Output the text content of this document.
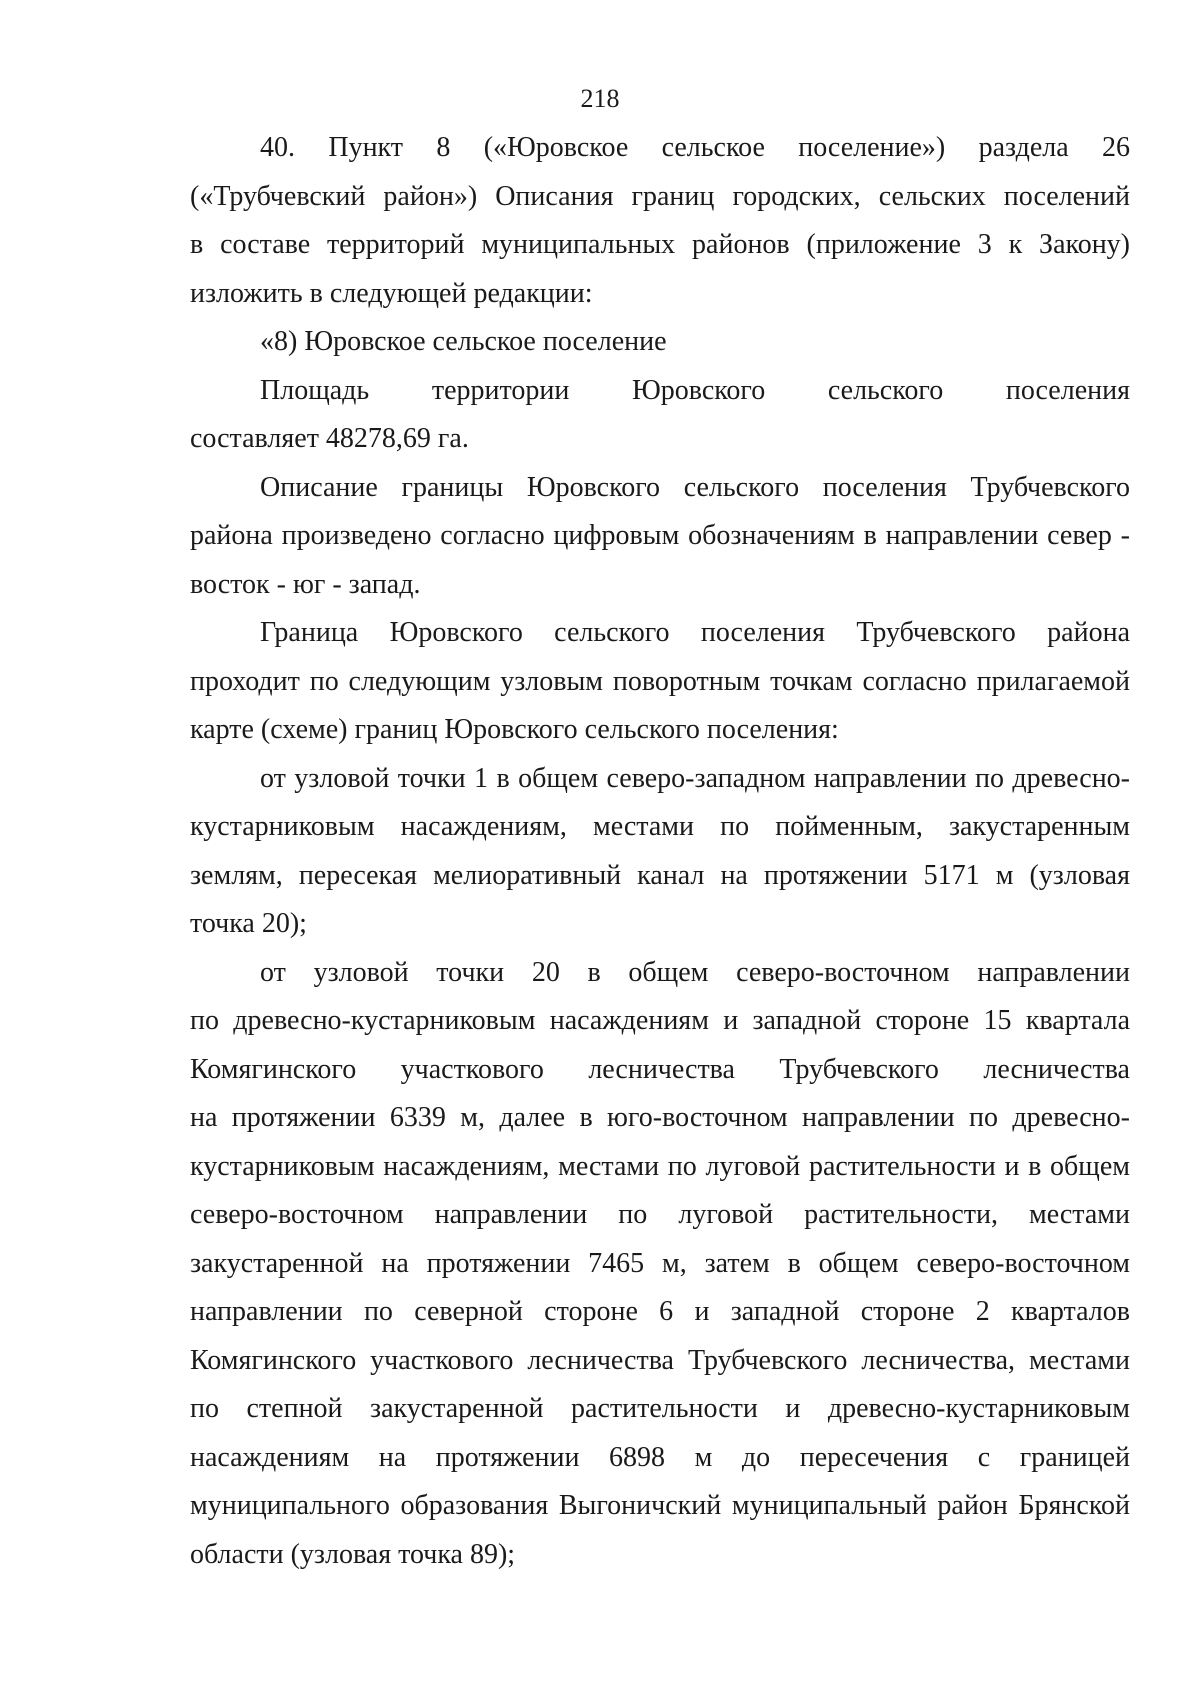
218
40. Пункт 8 («Юровское сельское поселение») раздела 26
(«Трубчевский район») Описания границ городских, сельских поселений
в составе территорий муниципальных районов (приложение 3 к Закону)
изложить в следующей редакции:
«8) Юровское сельское поселение
Площадь территории Юровского сельского поселения
составляет 48278,69 га.
Описание границы Юровского сельского поселения Трубчевского
района произведено согласно цифровым обозначениям в направлении север -
восток - юг - запад.
Граница Юровского сельского поселения Трубчевского района
проходит по следующим узловым поворотным точкам согласно прилагаемой
карте (схеме) границ Юровского сельского поселения:
от узловой точки 1 в общем северо-западном направлении по древесно-
кустарниковым насаждениям, местами по пойменным, закустаренным
землям, пересекая мелиоративный канал на протяжении 5171 м (узловая
точка 20);
от узловой точки 20 в общем северо-восточном направлении
по древесно-кустарниковым насаждениям и западной стороне 15 квартала
Комягинского участкового лесничества Трубчевского лесничества
на протяжении 6339 м, далее в юго-восточном направлении по древесно-
кустарниковым насаждениям, местами по луговой растительности и в общем
северо-восточном направлении по луговой растительности, местами
закустаренной на протяжении 7465 м, затем в общем северо-восточном
направлении по северной стороне 6 и западной стороне 2 кварталов
Комягинского участкового лесничества Трубчевского лесничества, местами
по степной закустаренной растительности и древесно-кустарниковым
насаждениям на протяжении 6898 м до пересечения с границей
муниципального образования Выгоничский муниципальный район Брянской
области (узловая точка 89);
